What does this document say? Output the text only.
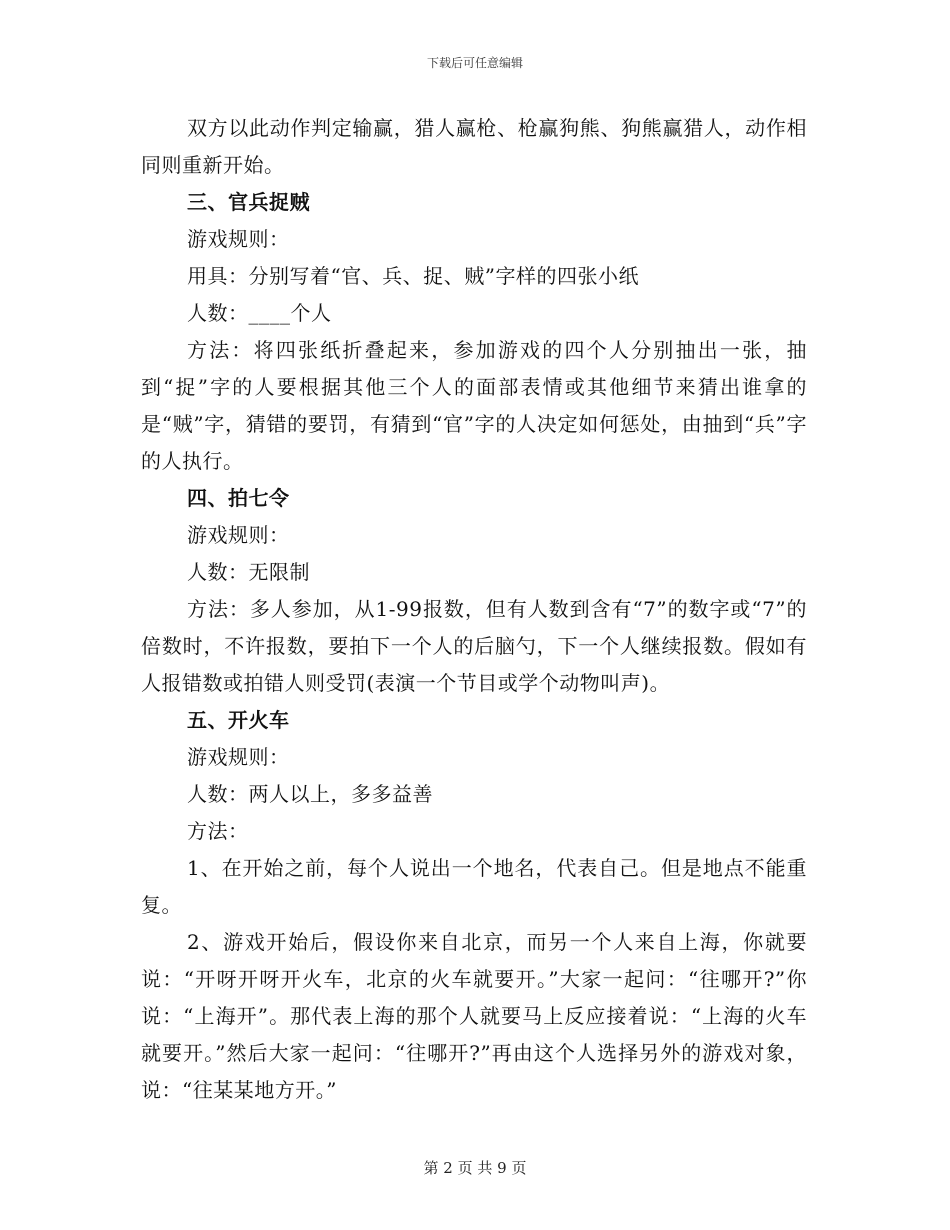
下载后可任意编辑

双方以此动作判定输赢，猎人赢枪、枪赢狗熊、狗熊赢猎人，动作相同则重新开始。

三、官兵捉贼

游戏规则：

用具：分别写着“官、兵、捉、贼”字样的四张小纸

人数：____个人

方法：将四张纸折叠起来，参加游戏的四个人分别抽出一张，抽到“捉”字的人要根据其他三个人的面部表情或其他细节来猜出谁拿的是“贼”字，猜错的要罚，有猜到“官”字的人决定如何惩处，由抽到“兵”字的人执行。

四、拍七令

游戏规则：

人数：无限制

方法：多人参加，从1-99报数，但有人数到含有“7”的数字或“7”的倍数时，不许报数，要拍下一个人的后脑勺，下一个人继续报数。假如有人报错数或拍错人则受罚(表演一个节目或学个动物叫声)。

五、开火车

游戏规则：

人数：两人以上，多多益善

方法：

1、在开始之前，每个人说出一个地名，代表自己。但是地点不能重复。

2、游戏开始后，假设你来自北京，而另一个人来自上海，你就要说：“开呀开呀开火车，北京的火车就要开。”大家一起问：“往哪开?”你说：“上海开”。那代表上海的那个人就要马上反应接着说：“上海的火车就要开。”然后大家一起问：“往哪开?”再由这个人选择另外的游戏对象，说：“往某某地方开。”

第 2 页 共 9 页
